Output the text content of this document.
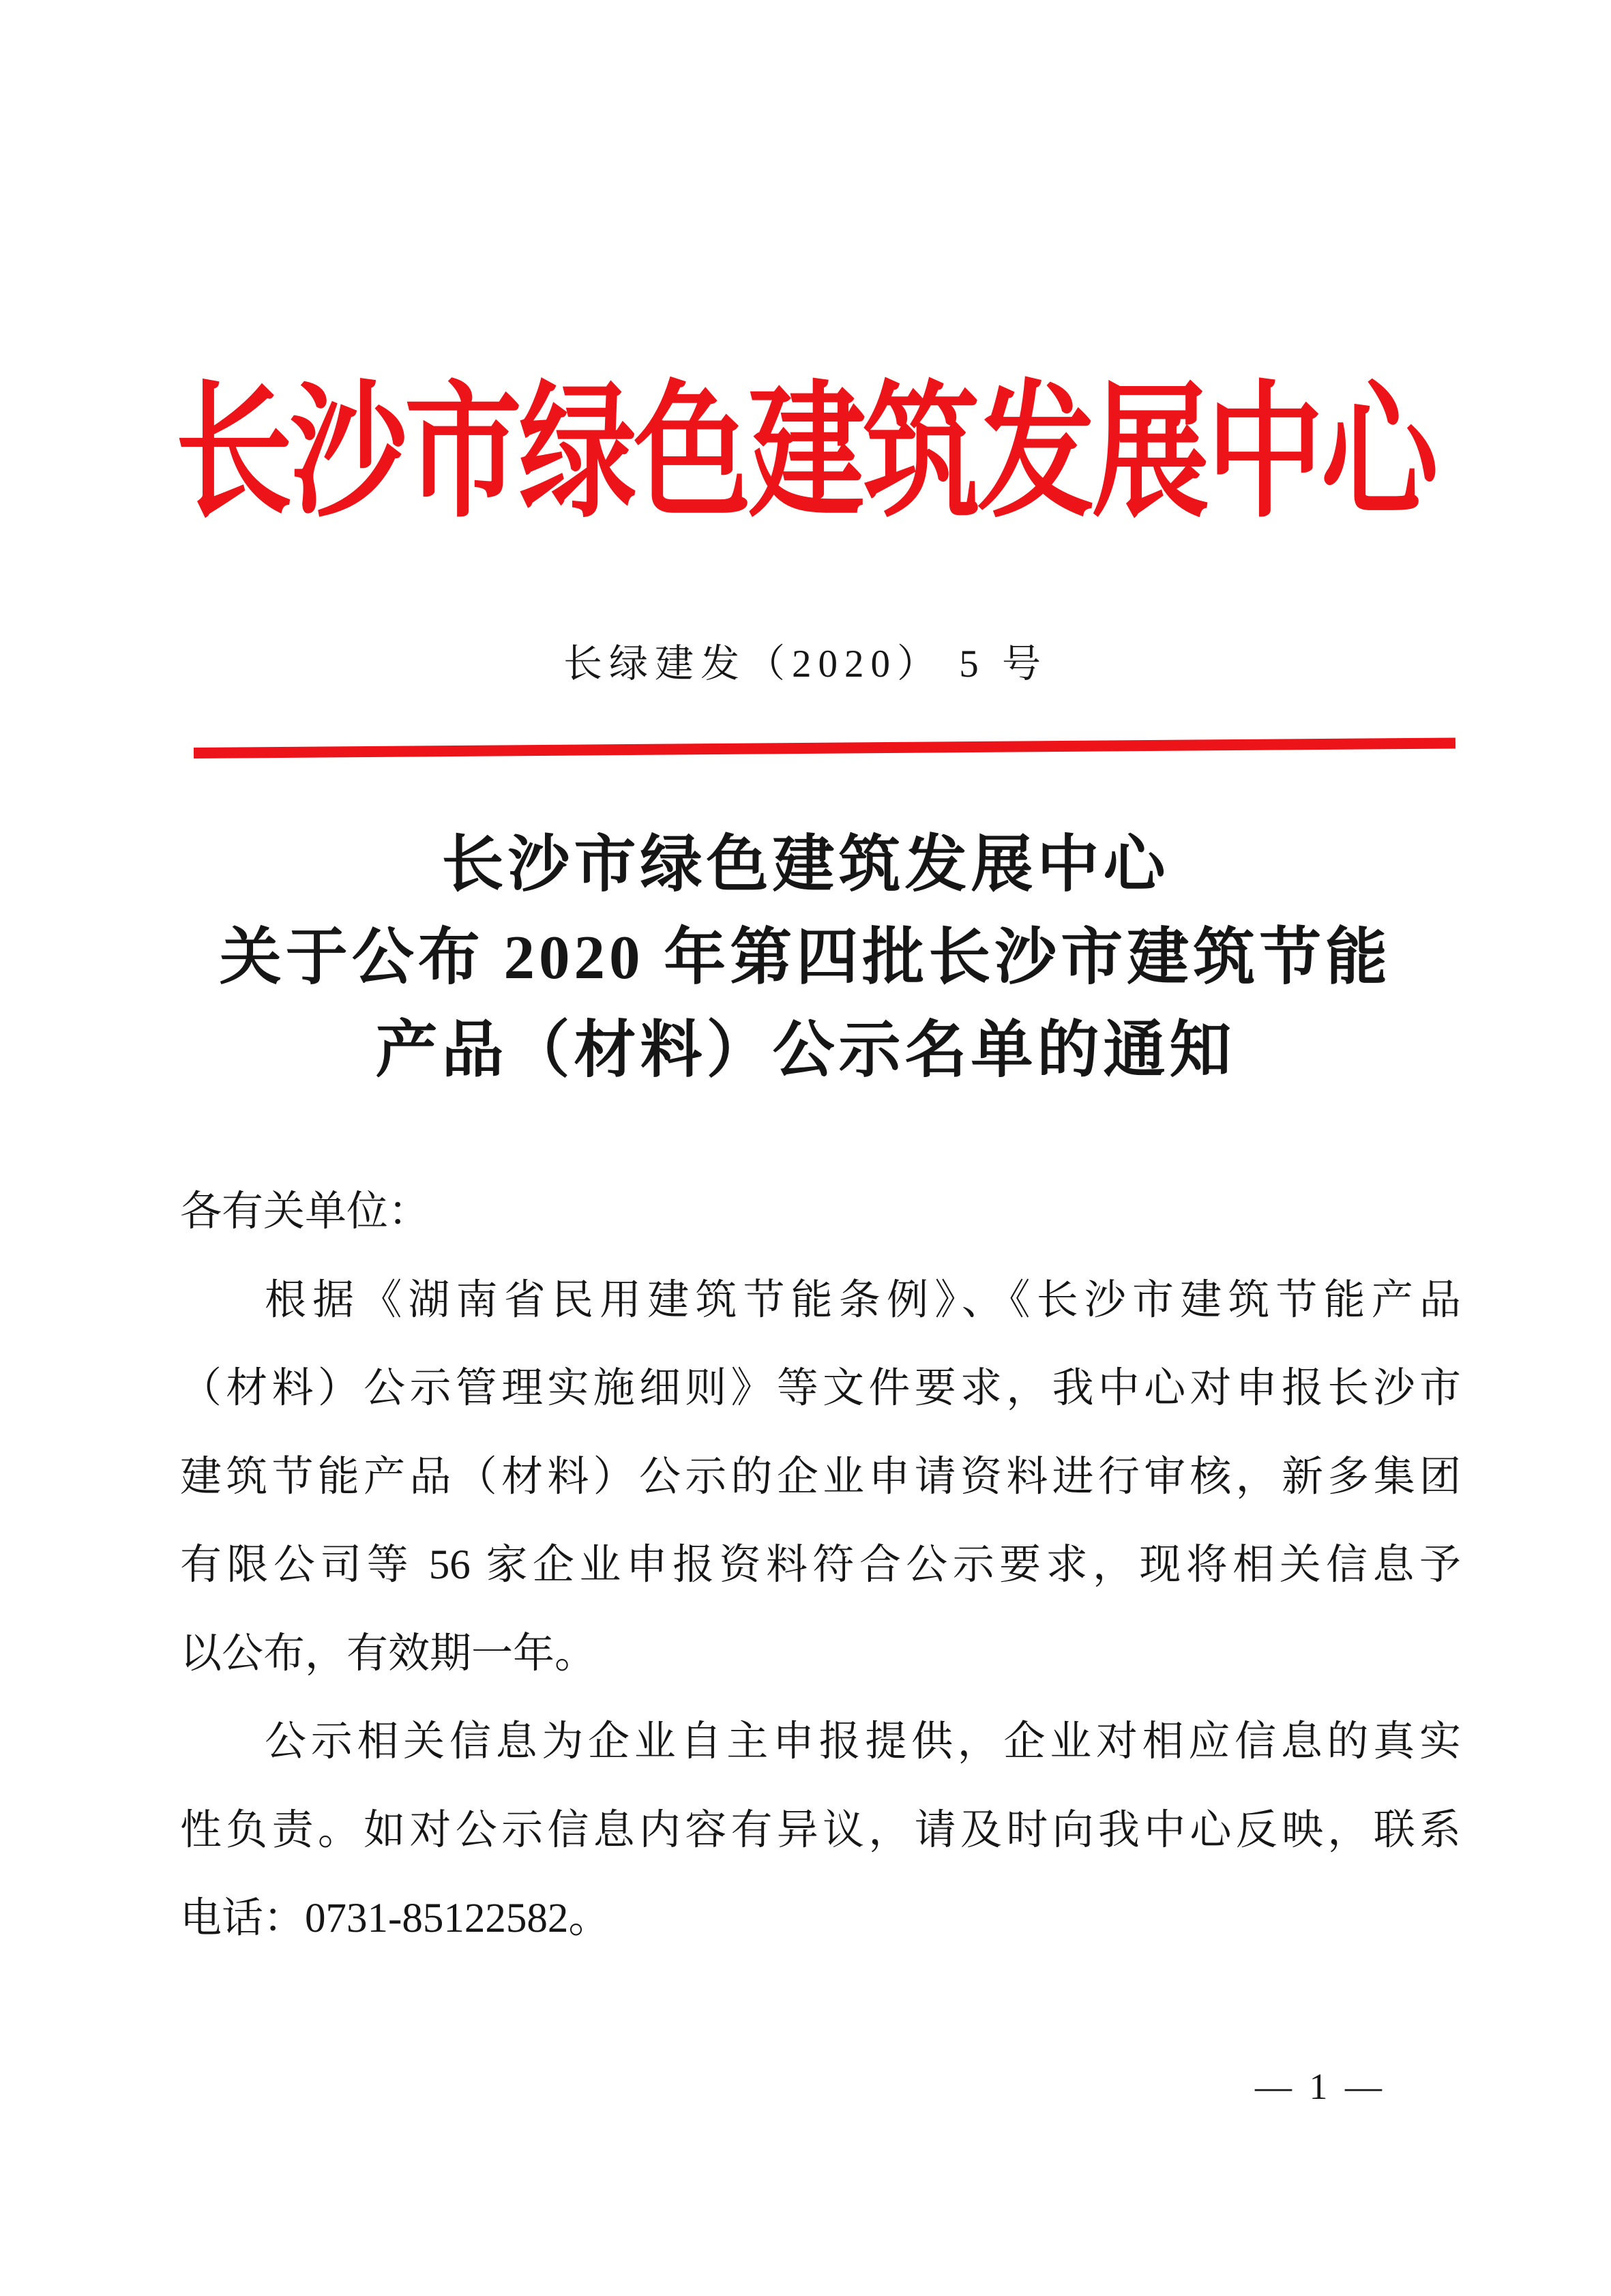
长沙市绿色建筑发展中心
长绿建发（2020） 5 号
长沙市绿色建筑发展中心
关于公布 2020 年第四批长沙市建筑节能
产品（材料）公示名单的通知
各有关单位：
根据《湖南省民用建筑节能条例》、《长沙市建筑节能产品
（材料）公示管理实施细则》等文件要求，我中心对申报长沙市
建筑节能产品（材料）公示的企业申请资料进行审核，新多集团
有限公司等 56 家企业申报资料符合公示要求，现将相关信息予
以公布，有效期一年。
公示相关信息为企业自主申报提供，企业对相应信息的真实
性负责。如对公示信息内容有异议，请及时向我中心反映，联系
电话：0731-85122582。
— 1 —
